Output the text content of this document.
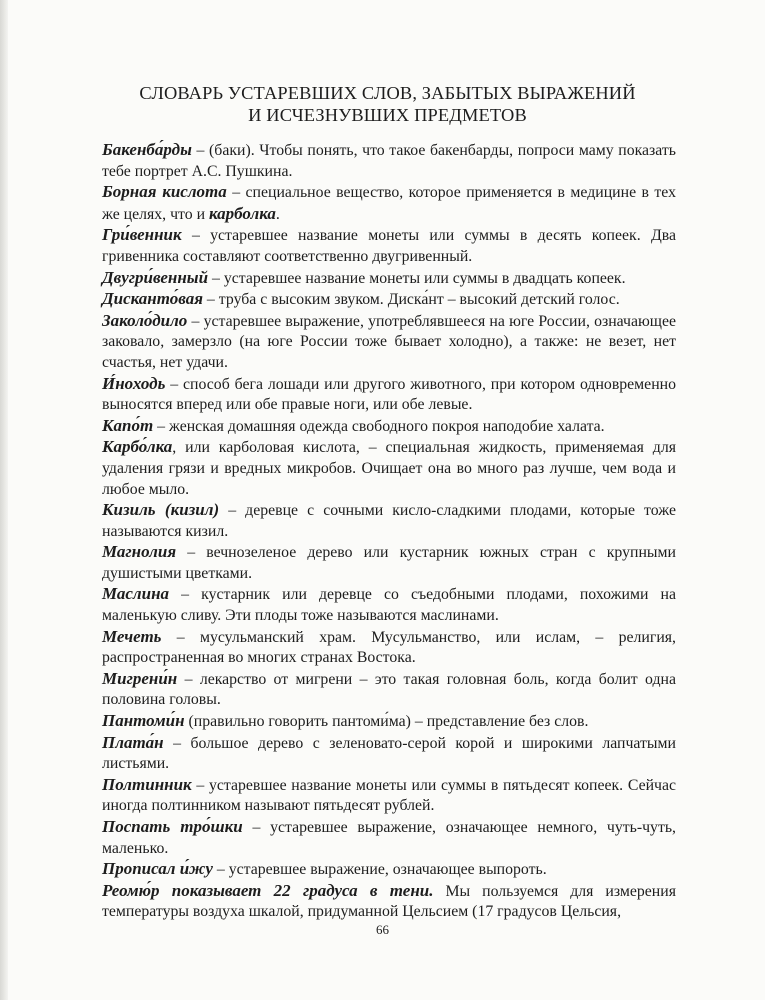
СЛОВАРЬ УСТАРЕВШИХ СЛОВ, ЗАБЫТЫХ ВЫРАЖЕНИЙ
И ИСЧЕЗНУВШИХ ПРЕДМЕТОВ

Бакенба́рды – (баки). Чтобы понять, что такое бакенбарды, попроси маму показать тебе портрет А.С. Пушкина.

Борная кислота – специальное вещество, которое применяется в медицине в тех же целях, что и карболка.

Гри́венник – устаревшее название монеты или суммы в десять копеек. Два гривенника составляют соответственно двугривенный.

Двугри́венный – устаревшее название монеты или суммы в двадцать копеек.

Дисканто́вая – труба с высоким звуком. Диска́нт – высокий детский голос.

Заколо́дило – устаревшее выражение, употреблявшееся на юге России, означающее заковало, замерзло (на юге России тоже бывает холодно), а также: не везет, нет счастья, нет удачи.

И́ноходь – способ бега лошади или другого животного, при котором одновременно выносятся вперед или обе правые ноги, или обе левые.

Капо́т – женская домашняя одежда свободного покроя наподобие халата.

Карбо́лка, или карболовая кислота, – специальная жидкость, применяемая для удаления грязи и вредных микробов. Очищает она во много раз лучше, чем вода и любое мыло.

Кизиль (кизил) – деревце с сочными кисло-сладкими плодами, которые тоже называются кизил.

Магнолия – вечнозеленое дерево или кустарник южных стран с крупными душистыми цветками.

Маслина – кустарник или деревце со съедобными плодами, похожими на маленькую сливу. Эти плоды тоже называются маслинами.

Мечеть – мусульманский храм. Мусульманство, или ислам, – религия, распространенная во многих странах Востока.

Мигрени́н – лекарство от мигрени – это такая головная боль, когда болит одна половина головы.

Пантоми́н (правильно говорить пантоми́ма) – представление без слов.

Плата́н – большое дерево с зеленовато-серой корой и широкими лапчатыми листьями.

Полтинник – устаревшее название монеты или суммы в пятьдесят копеек. Сейчас иногда полтинником называют пятьдесят рублей.

Поспать тро́шки – устаревшее выражение, означающее немного, чуть-чуть, маленько.

Прописал и́жу – устаревшее выражение, означающее выпороть.

Реомю́р показывает 22 градуса в тени. Мы пользуемся для измерения температуры воздуха шкалой, придуманной Цельсием (17 градусов Цельсия,

66
